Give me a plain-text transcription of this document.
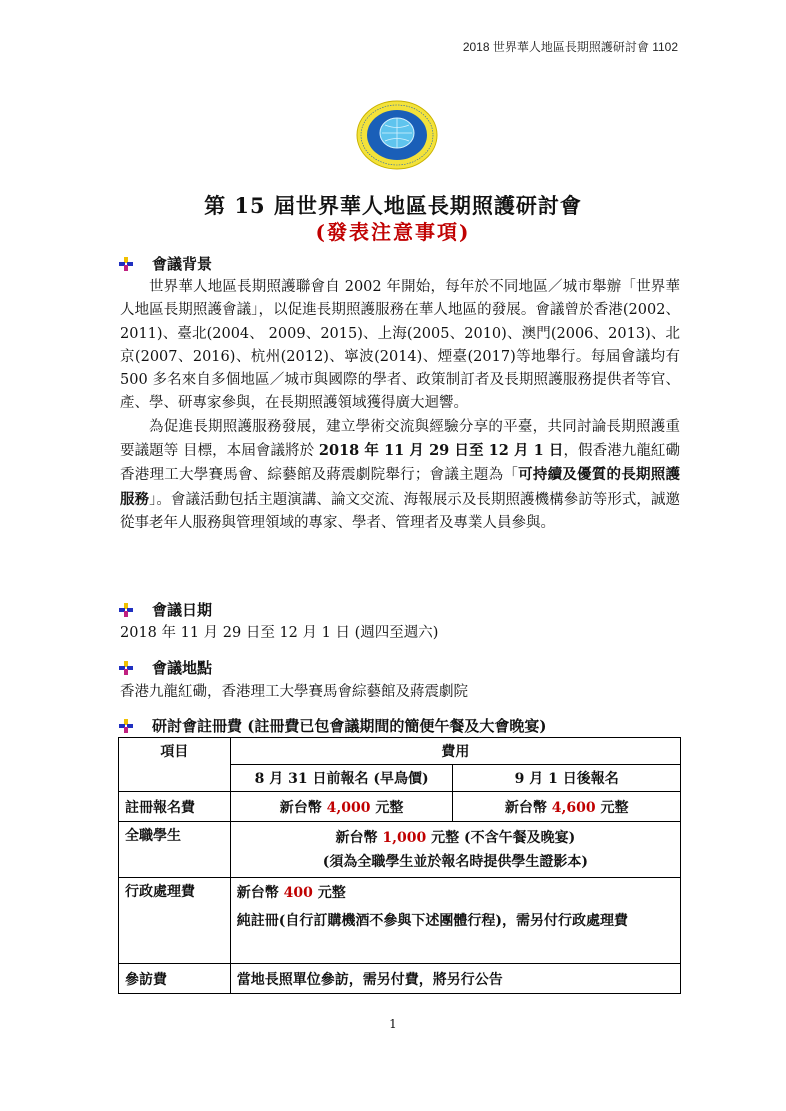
2018 世界華人地區長期照護研討會 1102
第 15 屆世界華人地區長期照護研討會
(發表注意事項)
會議背景

世界華人地區長期照護聯會自 2002 年開始，每年於不同地區／城市舉辦「世界華人地區長期照護會議」，以促進長期照護服務在華人地區的發展。會議曾於香港(2002、2011)、臺北(2004、 2009、2015)、上海(2005、2010)、澳門(2006、2013)、北京(2007、2016)、杭州(2012)、寧波(2014)、煙臺(2017)等地舉行。每屆會議均有 500 多名來自多個地區／城市與國際的學者、政策制訂者及長期照護服務提供者等官、產、學、研專家參與，在長期照護領域獲得廣大迴響。

為促進長期照護服務發展，建立學術交流與經驗分享的平臺，共同討論長期照護重要議題等 目標，本屆會議將於 2018 年 11 月 29 日至 12 月 1 日，假香港九龍紅磡香港理工大學賽馬會、綜藝館及蔣震劇院舉行；會議主題為「可持續及優質的長期照護服務」。會議活動包括主題演講、論文交流、海報展示及長期照護機構參訪等形式，誠邀從事老年人服務與管理領域的專家、學者、管理者及專業人員參與。

會議日期
2018 年 11 月 29 日至 12 月 1 日 (週四至週六)
會議地點
香港九龍紅磡，香港理工大學賽馬會綜藝館及蔣震劇院
研討會註冊費 (註冊費已包會議期間的簡便午餐及大會晚宴)
項目	費用	
	8 月 31 日前報名 (早鳥價)	9 月 1 日後報名
註冊報名費	新台幣 4,000 元整	新台幣 4,600 元整
全職學生	新台幣 1,000 元整 (不含午餐及晚宴)
(須為全職學生並於報名時提供學生證影本)	

行政處理費	新台幣 400 元整
純註冊(自行訂購機酒不參與下述團體行程)，需另付行政處理費	

參訪費	當地長照單位參訪，需另付費，將另行公告	
1
